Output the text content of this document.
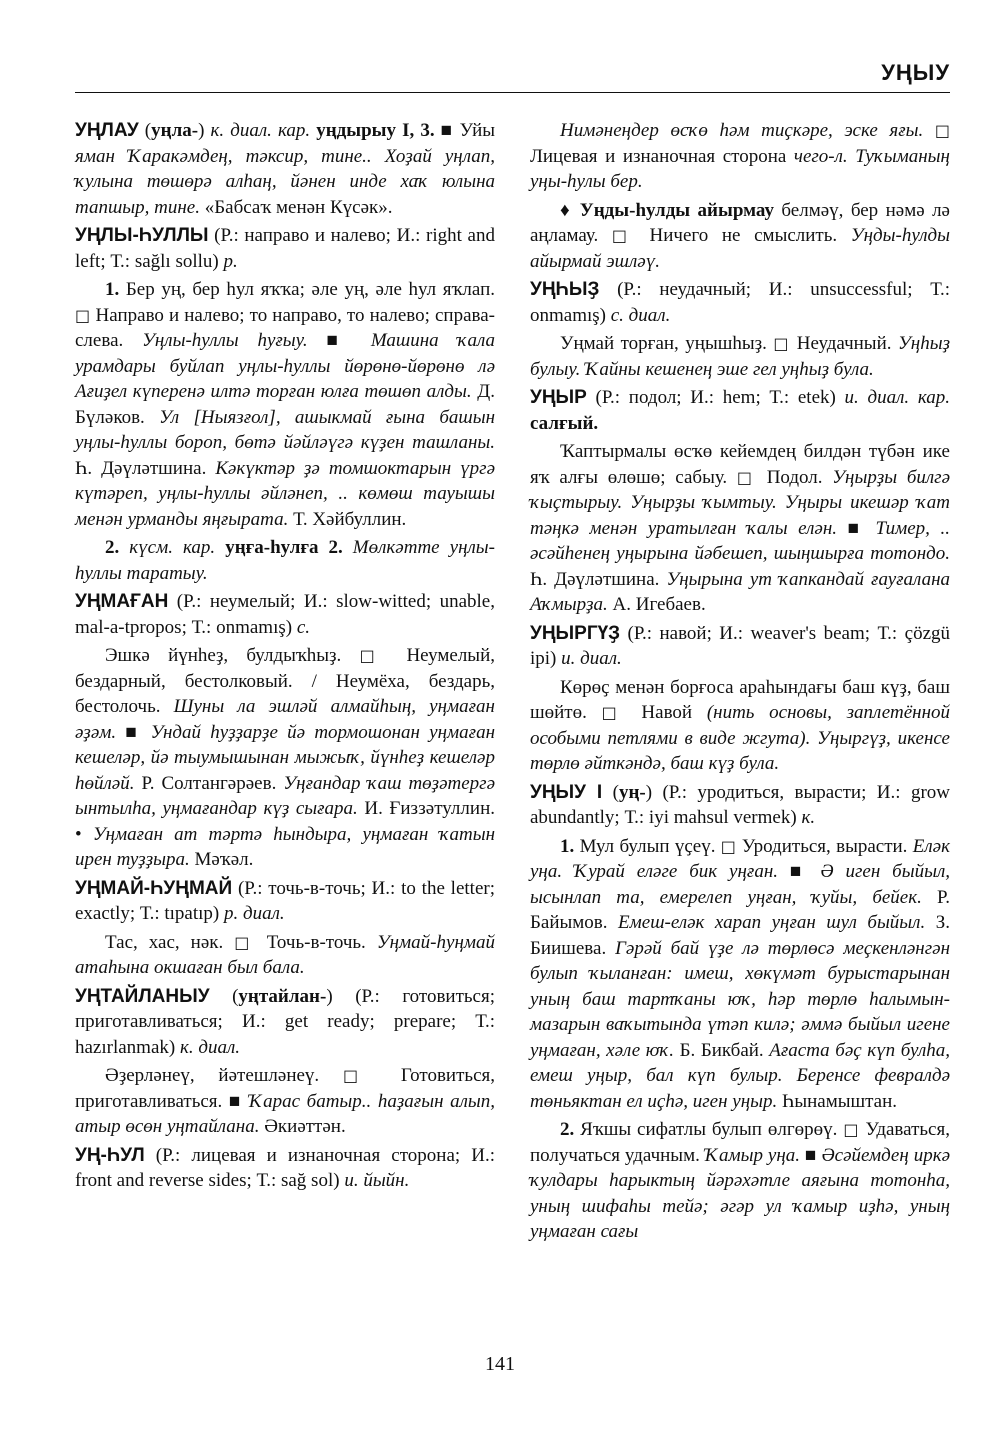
УҢЫУ

УҢЛАУ (уңла-) к. диал. кар. уңдырыу I, 3. ■ Уйы яман Ҡаракәмдең, тәксир, тине.. Хоҙай уңлап, ҡулына төшөрә алһаң, йәнен инде хаҡ юлына тапшыр, тине. «Бабсаҡ менән Күсәк».

УҢЛЫ-ҺУЛЛЫ (Р.: направо и налево; И.: right and left; Т.: sağlı sollu) р.

1. Бер уң, бер һул яҡҡа; әле уң, әле һул яҡлап. □ Направо и налево; то направо, то налево; справа-слева. Уңлы-һуллы һуғыу. ■ Машина ҡала урамдары буйлап уңлы-һуллы йөрөнө-йөрөнө лә Ағиҙел күперенә илтә торған юлға төшөп алды. Д. Бүләков. Ул [Ныязғол], ашыкмай ғына башын уңлы-һуллы бороп, бөтә йәйләүгә күҙен ташланы. Һ. Дәүләтшина. Кәкүктәр ҙә томшоктарын үргә күтәреп, уңлы-һуллы әйләнеп, .. көмөш тауышы менән урманды яңғырата. Т. Хәйбуллин.

2. күсм. кар. уңға-һулға 2. Мөлкәтте уңлы-һуллы таратыу.

УҢМАҒАН (Р.: неумелый; И.: slow-witted; unable, mal-a-tpropos; Т.: onmamış) с.

Эшкә йүнһеҙ, булдыҡһыҙ. □ Неумелый, бездарный, бестолковый. / Неумёха, бездарь, бестолочь. Шуны ла эшләй алмайһың, уңмаған әҙәм. ■ Ундай һуҙҙарҙе йә тормошонан уңмаған кешеләр, йә тыумышынан мыжыҡ, йүнһеҙ кешеләр һөйләй. Р. Солтангәрәев. Уңғандар ҡаш төҙәтергә ынтылһа, уңмағандар күҙ сығара. И. Ғиззәтуллин. • Уңмаған ат тәртә һындыра, уңмаған ҡатын ирен туҙҙыра. Мәҡәл.

УҢМАЙ-ҺУҢМАЙ (Р.: точь-в-точь; И.: to the letter; exactly; Т.: tıpatıp) р. диал.

Тас, хас, нәк. □ Точь-в-точь. Уңмай-һуңмай атаһына окшаған был бала.

УҢТАЙЛАНЫУ (уңтайлан-) (Р.: готовиться; приготавливаться; И.: get ready; prepare; Т.: hazırlanmak) к. диал.

Әҙерләнеү, йәтешләнеү. □ Готовиться, приготавливаться. ■ Ҡарас батыр.. һаҙағын алып, атыр өсөн уңтайлана. Әкиәттән.

УҢ-ҺУЛ (Р.: лицевая и изнаночная сторона; И.: front and reverse sides; Т.: sağ sol) и. йыйн.

Нимәнеңдер өсҡө һәм тиҫкәре, эске яғы. □ Лицевая и изнаночная сторона чего-л. Туҡыманың уңы-һулы бер.

♦ Уңды-һулды айырмау белмәү, бер нәмә лә аңламау. □ Ничего не смыслить. Уңды-һулды айырмай эшләү.

УҢҺЫҘ (Р.: неудачный; И.: unsuccessful; Т.: onmamış) с. диал.

Уңмай торған, уңышһыҙ. □ Неудачный. Уңһыҙ булыу. Ҡайны кешенең эше гел уңһыҙ була.

УҢЫР (Р.: подол; И.: hem; Т.: etek) и. диал. кар. салғый.

Ҡаптырмалы өсҡө кейемдең билдән түбән ике яҡ алғы өлөшө; сабыу. □ Подол. Уңырҙы билгә ҡыҫтырыу. Уңырҙы ҡымтыу. Уңыры икешәр ҡат тәңкә менән уратылған ҡалы елән. ■ Тимер, .. әсәйһенең уңырына йәбешеп, шыңшырға тотондо. Һ. Дәүләтшина. Уңырына ут ҡапкандай ғауғалана Аҡмырҙа. А. Игебаев.

УҢЫРГҮҘ (Р.: навой; И.: weaver's beam; Т.: çözgü ipi) и. диал.

Көрөҫ менән борғоса араһындағы баш күҙ, баш шөйтө. □ Навой (нить основы, заплетённой особыми петлями в виде жгута). Уңыргүҙ, икенсе төрлө әйткәндә, баш күҙ була.

УҢЫУ I (уң-) (Р.: уродиться, вырасти; И.: grow abundantly; Т.: iyi mahsul vermek) к.

1. Мул булып үҫеү. □ Уродиться, вырасти. Еләк уңа. Ҡурай еләге бик уңған. ■ Ә иген быйыл, ысынлап та, емерелеп уңған, ҡуйы, бейек. Р. Байымов. Емеш-еләк харап уңған шул быйыл. З. Биишева. Гәрәй бай үҙе лә төрлөсә меҫкенләнгән булып ҡыланған: имеш, хөкүмәт бурыстарынан уның баш тартҡаны юҡ, һәр төрлө һалымын-мазарын ваҡытында үтәп килә; әммә быйыл игене уңмаған, хәле юҡ. Б. Бикбай. Ағаста бәҫ күп булһа, емеш уңыр, бал күп булыр. Беренсе февралдә төньяктан ел иҫһә, иген уңыр. Һынамыштан.

2. Яҡшы сифатлы булып өлгөрөү. □ Удаваться, получаться удачным. Ҡамыр уңа. ■ Әсәйемдең иркә ҡулдары һарыктың йәрәхәтле аяғына тотонһа, уның шифаһы тейә; әгәр ул ҡамыр иҙһә, уның уңмаған сағы

141
